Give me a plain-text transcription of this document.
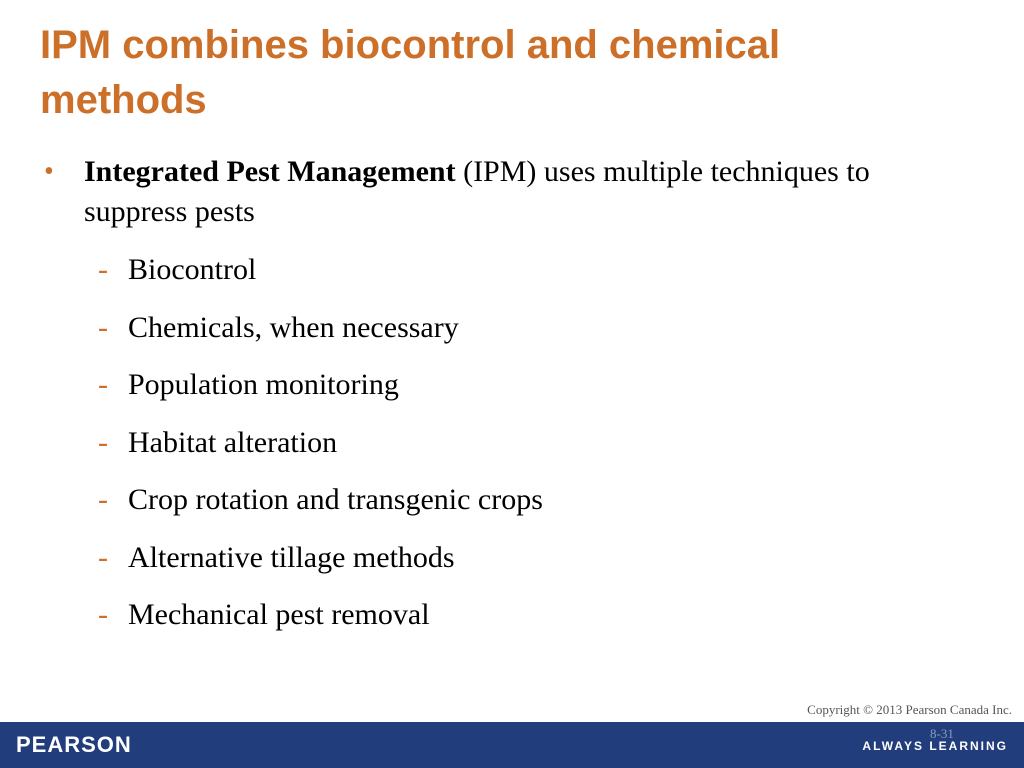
IPM combines biocontrol and chemical methods
• Integrated Pest Management (IPM) uses multiple techniques to suppress pests
- Biocontrol
- Chemicals, when necessary
- Population monitoring
- Habitat alteration
- Crop rotation and transgenic crops
- Alternative tillage methods
- Mechanical pest removal
Copyright © 2013 Pearson Canada Inc.
PEARSON	8-31
ALWAYS LEARNING
